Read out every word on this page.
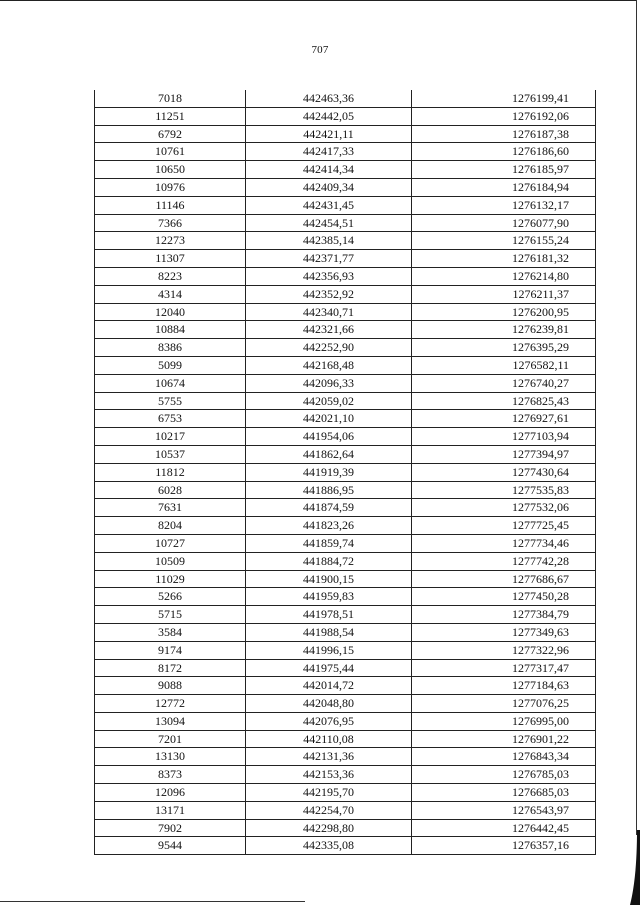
707
7018	442463,36	1276199,41
11251	442442,05	1276192,06
6792	442421,11	1276187,38
10761	442417,33	1276186,60
10650	442414,34	1276185,97
10976	442409,34	1276184,94
11146	442431,45	1276132,17
7366	442454,51	1276077,90
12273	442385,14	1276155,24
11307	442371,77	1276181,32
8223	442356,93	1276214,80
4314	442352,92	1276211,37
12040	442340,71	1276200,95
10884	442321,66	1276239,81
8386	442252,90	1276395,29
5099	442168,48	1276582,11
10674	442096,33	1276740,27
5755	442059,02	1276825,43
6753	442021,10	1276927,61
10217	441954,06	1277103,94
10537	441862,64	1277394,97
11812	441919,39	1277430,64
6028	441886,95	1277535,83
7631	441874,59	1277532,06
8204	441823,26	1277725,45
10727	441859,74	1277734,46
10509	441884,72	1277742,28
11029	441900,15	1277686,67
5266	441959,83	1277450,28
5715	441978,51	1277384,79
3584	441988,54	1277349,63
9174	441996,15	1277322,96
8172	441975,44	1277317,47
9088	442014,72	1277184,63
12772	442048,80	1277076,25
13094	442076,95	1276995,00
7201	442110,08	1276901,22
13130	442131,36	1276843,34
8373	442153,36	1276785,03
12096	442195,70	1276685,03
13171	442254,70	1276543,97
7902	442298,80	1276442,45
9544	442335,08	1276357,16
